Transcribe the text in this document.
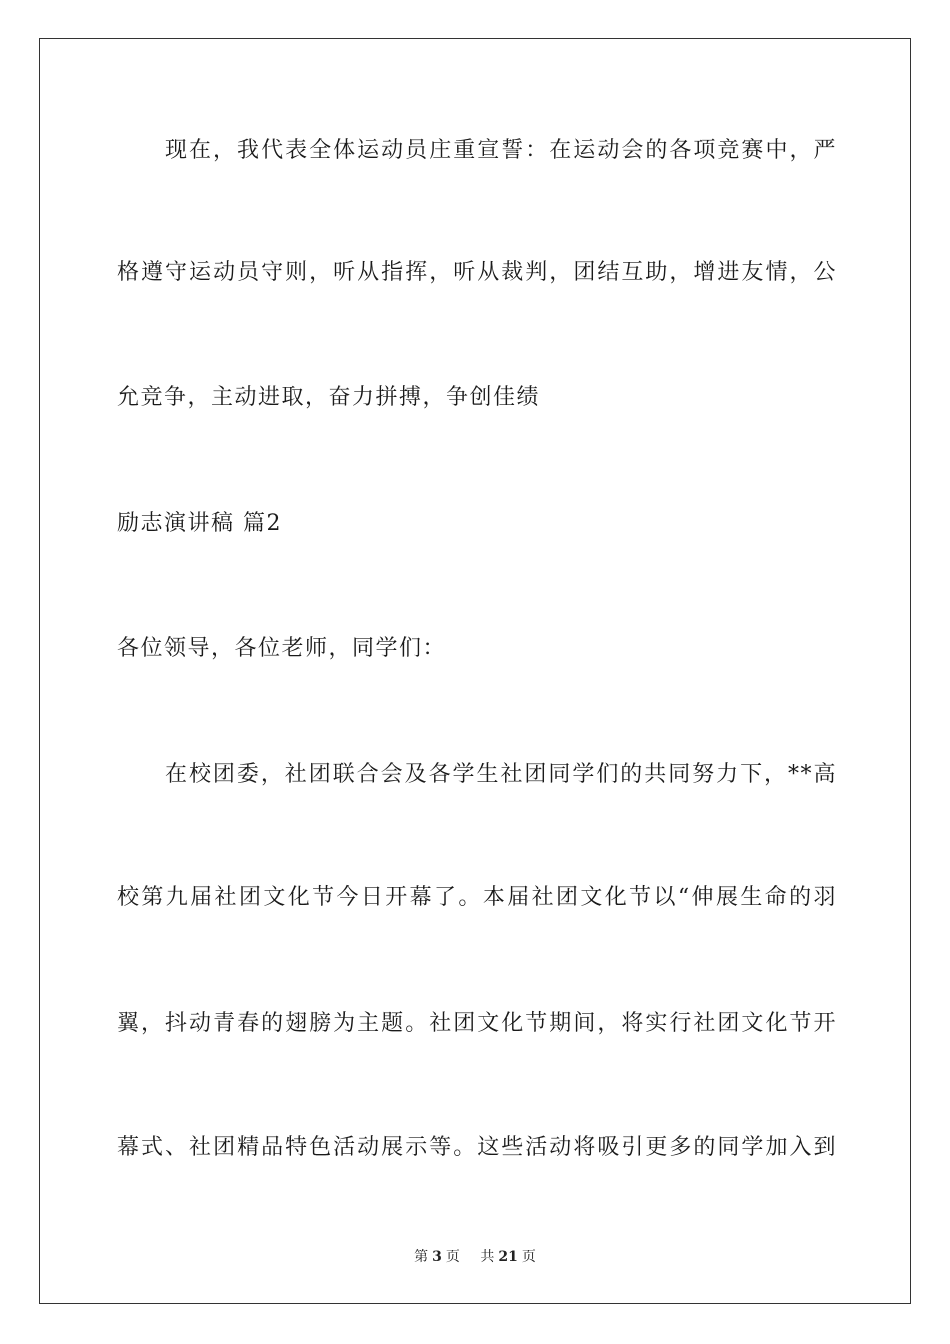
现在，我代表全体运动员庄重宣誓：在运动会的各项竞赛中，严
格遵守运动员守则，听从指挥，听从裁判，团结互助，增进友情，公
允竞争，主动进取，奋力拼搏，争创佳绩
励志演讲稿 篇2
各位领导，各位老师，同学们：
在校团委，社团联合会及各学生社团同学们的共同努力下，**高
校第九届社团文化节今日开幕了。本届社团文化节以“伸展生命的羽
翼，抖动青春的翅膀为主题。社团文化节期间，将实行社团文化节开
幕式、社团精品特色活动展示等。这些活动将吸引更多的同学加入到
第 3 页 共 21 页
